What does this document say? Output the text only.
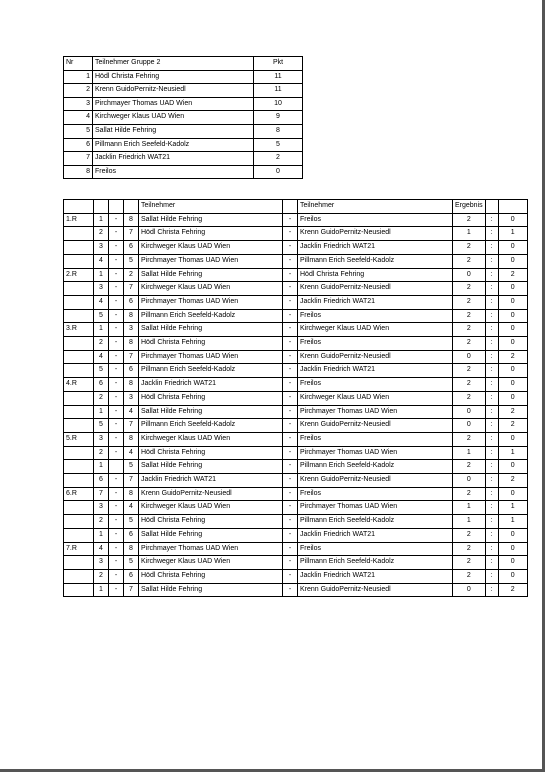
Nr	Teilnehmer Gruppe 2	Pkt
1	Hödl Christa Fehring	11
2	Krenn GuidoPernitz-Neusiedl	11
3	Pirchmayer Thomas UAD Wien	10
4	Kirchweger Klaus UAD Wien	9
5	Sallat Hilde Fehring	8
6	Pillmann Erich Seefeld-Kadolz	5
7	Jacklin Friedrich WAT21	2
8	Freilos	0
				Teilnehmer		Teilnehmer	Ergebnis		
1.R	1	-	8	Sallat Hilde Fehring	-	Freilos	2	:	0
	2	-	7	Hödl Christa Fehring	-	Krenn GuidoPernitz-Neusiedl	1	:	1
	3	-	6	Kirchweger Klaus UAD Wien	-	Jacklin Friedrich WAT21	2	:	0
	4	-	5	Pirchmayer Thomas UAD Wien	-	Pillmann Erich Seefeld-Kadolz	2	:	0
2.R	1	-	2	Sallat Hilde Fehring	-	Hödl Christa Fehring	0	:	2
	3	-	7	Kirchweger Klaus UAD Wien	-	Krenn GuidoPernitz-Neusiedl	2	:	0
	4	-	6	Pirchmayer Thomas UAD Wien	-	Jacklin Friedrich WAT21	2	:	0
	5	-	8	Pillmann Erich Seefeld-Kadolz	-	Freilos	2	:	0
3.R	1	-	3	Sallat Hilde Fehring	-	Kirchweger Klaus UAD Wien	2	:	0
	2	-	8	Hödl Christa Fehring	-	Freilos	2	:	0
	4	-	7	Pirchmayer Thomas UAD Wien	-	Krenn GuidoPernitz-Neusiedl	0	:	2
	5	-	6	Pillmann Erich Seefeld-Kadolz	-	Jacklin Friedrich WAT21	2	:	0
4.R	6	-	8	Jacklin Friedrich WAT21	-	Freilos	2	:	0
	2	-	3	Hödl Christa Fehring	-	Kirchweger Klaus UAD Wien	2	:	0
	1	-	4	Sallat Hilde Fehring	-	Pirchmayer Thomas UAD Wien	0	:	2
	5	-	7	Pillmann Erich Seefeld-Kadolz	-	Krenn GuidoPernitz-Neusiedl	0	:	2
5.R	3	-	8	Kirchweger Klaus UAD Wien	-	Freilos	2	:	0
	2	-	4	Hödl Christa Fehring	-	Pirchmayer Thomas UAD Wien	1	:	1
	1		5	Sallat Hilde Fehring	-	Pillmann Erich Seefeld-Kadolz	2	:	0
	6	-	7	Jacklin Friedrich WAT21	-	Krenn GuidoPernitz-Neusiedl	0	:	2
6.R	7	-	8	Krenn GuidoPernitz-Neusiedl	-	Freilos	2	:	0
	3	-	4	Kirchweger Klaus UAD Wien	-	Pirchmayer Thomas UAD Wien	1	:	1
	2	-	5	Hödl Christa Fehring	-	Pillmann Erich Seefeld-Kadolz	1	:	1
	1	-	6	Sallat Hilde Fehring	-	Jacklin Friedrich WAT21	2	:	0
7.R	4	-	8	Pirchmayer Thomas UAD Wien	-	Freilos	2	:	0
	3	-	5	Kirchweger Klaus UAD Wien	-	Pillmann Erich Seefeld-Kadolz	2	:	0
	2	-	6	Hödl Christa Fehring	-	Jacklin Friedrich WAT21	2	:	0
	1	-	7	Sallat Hilde Fehring	-	Krenn GuidoPernitz-Neusiedl	0	:	2
